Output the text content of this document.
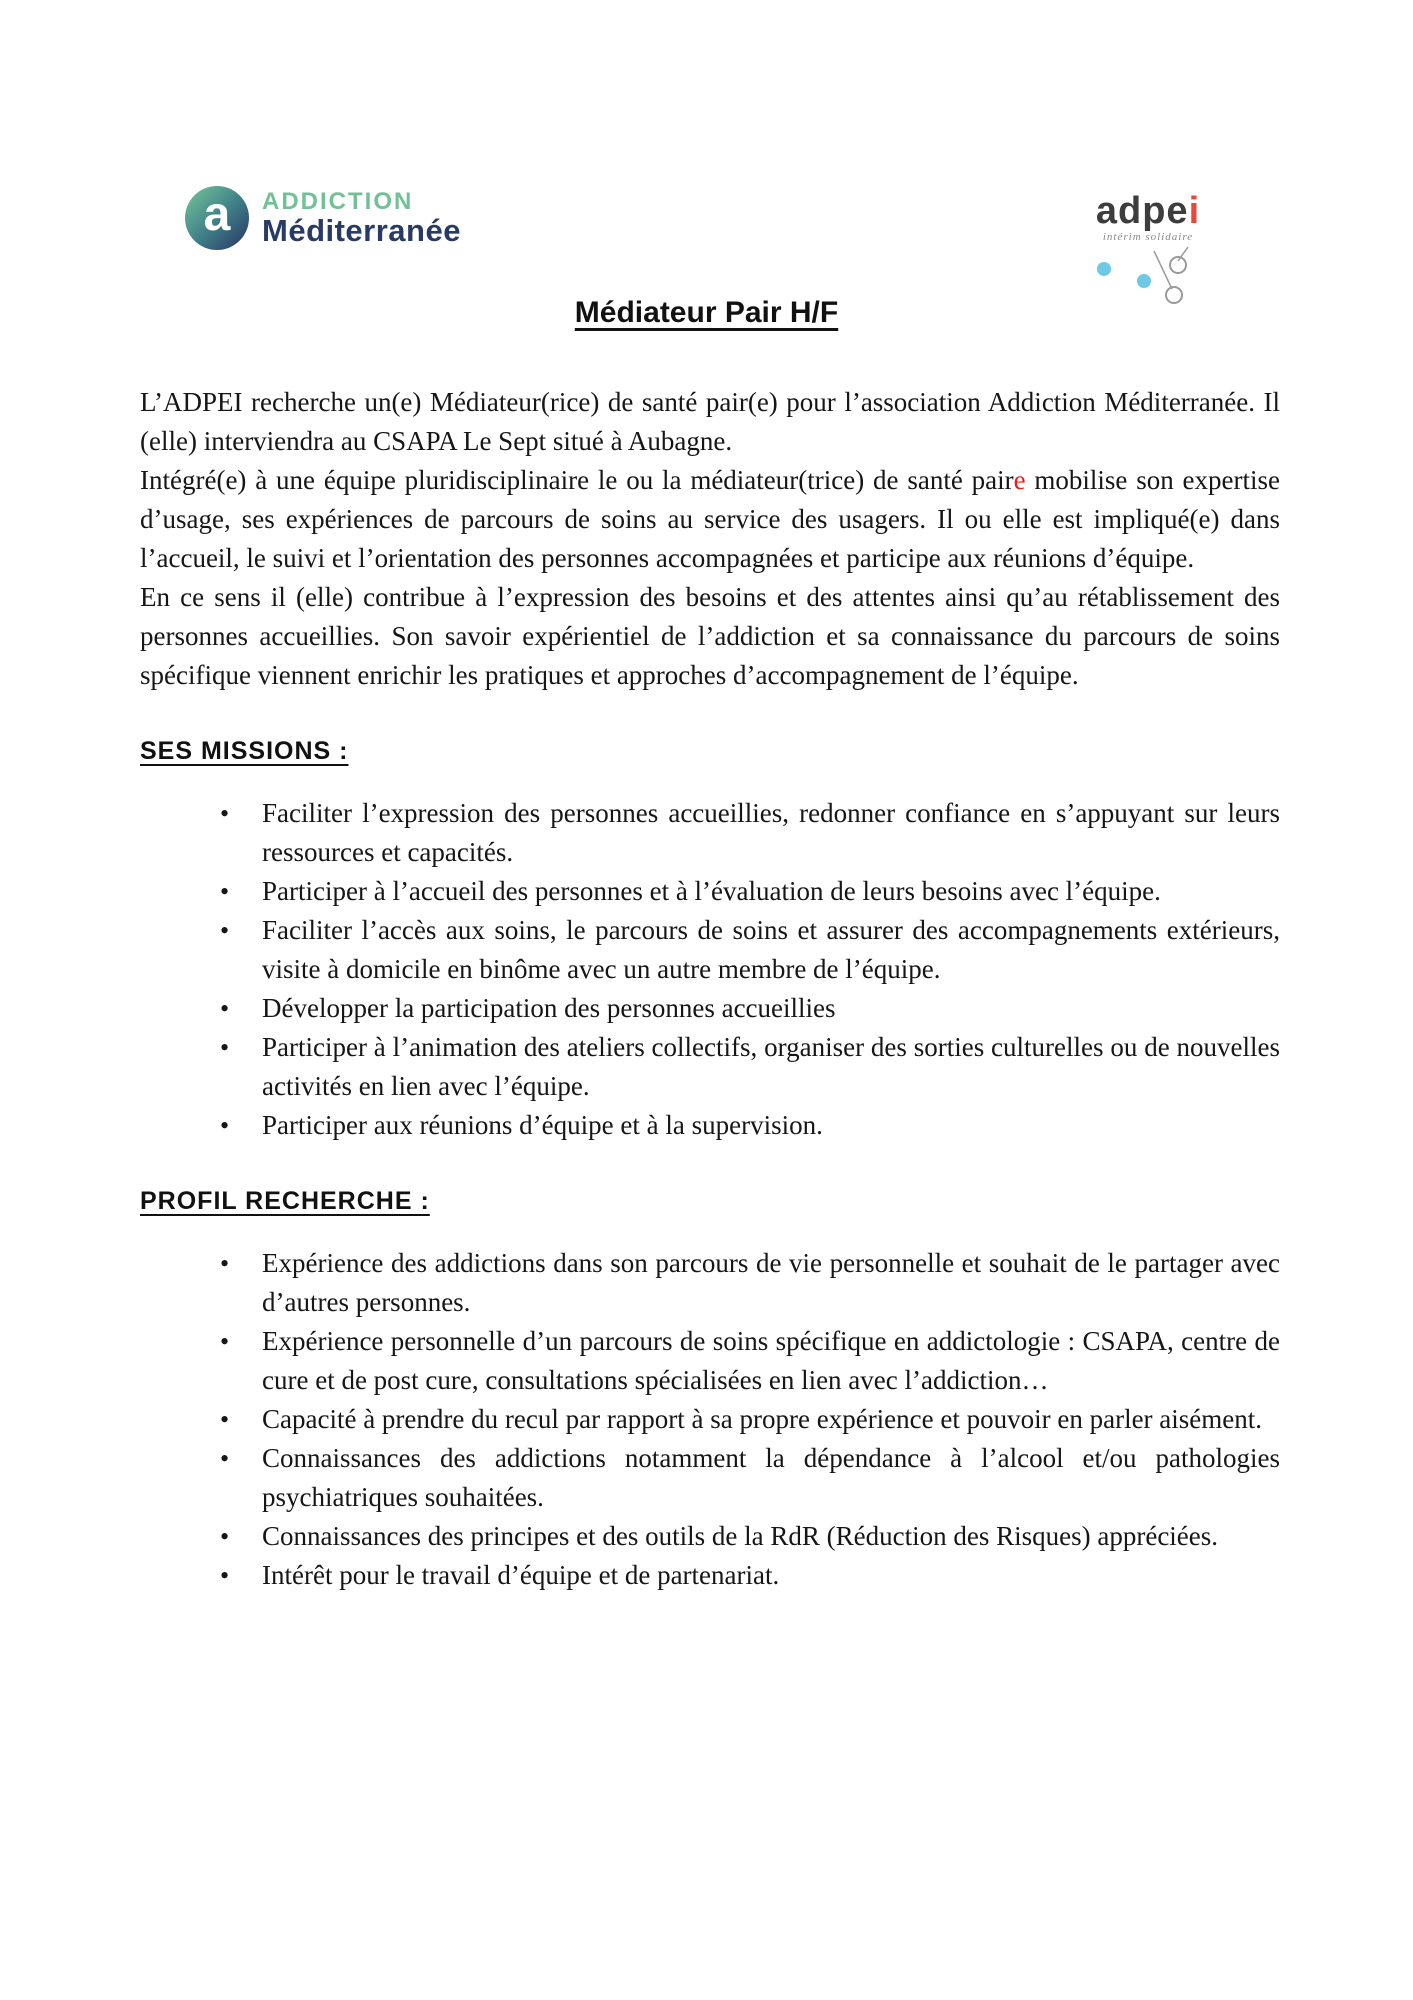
a ADDICTION
Méditerranée	adpei
intérim solidaire
Médiateur Pair H/F

L’ADPEI recherche un(e) Médiateur(rice) de santé pair(e) pour l’association Addiction Méditerranée. Il (elle) interviendra au CSAPA Le Sept situé à Aubagne.

Intégré(e) à une équipe pluridisciplinaire le ou la médiateur(trice) de santé paire mobilise son expertise d’usage, ses expériences de parcours de soins au service des usagers. Il ou elle est impliqué(e) dans l’accueil, le suivi et l’orientation des personnes accompagnées et participe aux réunions d’équipe.

En ce sens il (elle) contribue à l’expression des besoins et des attentes ainsi qu’au rétablissement des personnes accueillies. Son savoir expérientiel de l’addiction et sa connaissance du parcours de soins spécifique viennent enrichir les pratiques et approches d’accompagnement de l’équipe.

SES MISSIONS :
• Faciliter l’expression des personnes accueillies, redonner confiance en s’appuyant sur leurs ressources et capacités.
• Participer à l’accueil des personnes et à l’évaluation de leurs besoins avec l’équipe.
• Faciliter l’accès aux soins, le parcours de soins et assurer des accompagnements extérieurs, visite à domicile en binôme avec un autre membre de l’équipe.
• Développer la participation des personnes accueillies
• Participer à l’animation des ateliers collectifs, organiser des sorties culturelles ou de nouvelles activités en lien avec l’équipe.
• Participer aux réunions d’équipe et à la supervision.
PROFIL RECHERCHE :
• Expérience des addictions dans son parcours de vie personnelle et souhait de le partager avec d’autres personnes.
• Expérience personnelle d’un parcours de soins spécifique en addictologie : CSAPA, centre de cure et de post cure, consultations spécialisées en lien avec l’addiction…
• Capacité à prendre du recul par rapport à sa propre expérience et pouvoir en parler aisément.
• Connaissances des addictions notamment la dépendance à l’alcool et/ou pathologies psychiatriques souhaitées.
• Connaissances des principes et des outils de la RdR (Réduction des Risques) appréciées.
• Intérêt pour le travail d’équipe et de partenariat.
